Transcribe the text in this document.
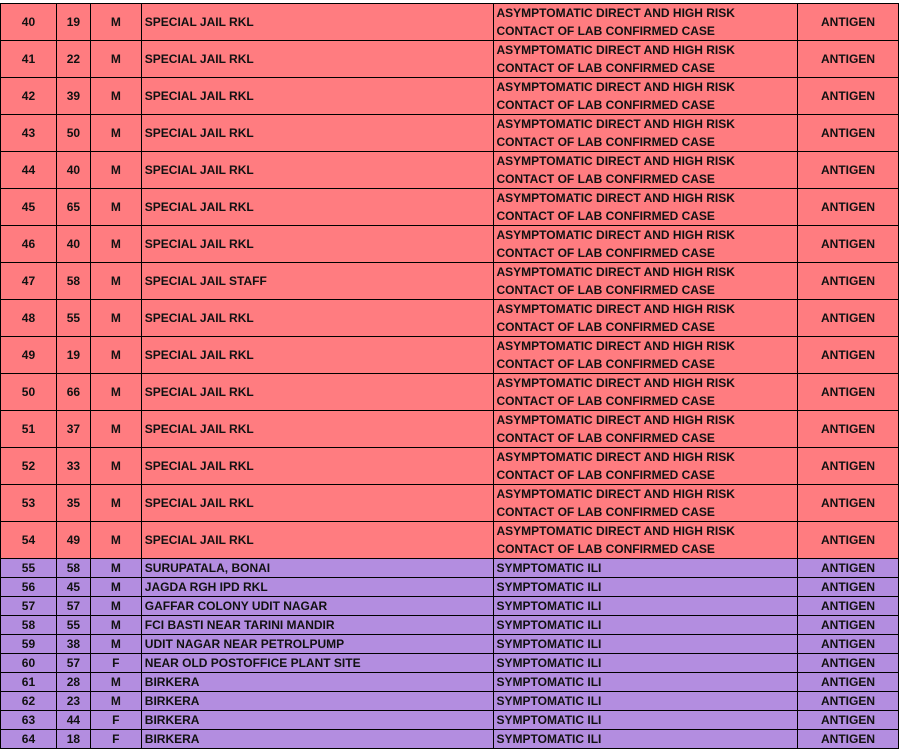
40	19	M	SPECIAL JAIL RKL	ASYMPTOMATIC DIRECT AND HIGH RISK CONTACT OF LAB CONFIRMED CASE	ANTIGEN
41	22	M	SPECIAL JAIL RKL	ASYMPTOMATIC DIRECT AND HIGH RISK CONTACT OF LAB CONFIRMED CASE	ANTIGEN
42	39	M	SPECIAL JAIL RKL	ASYMPTOMATIC DIRECT AND HIGH RISK CONTACT OF LAB CONFIRMED CASE	ANTIGEN
43	50	M	SPECIAL JAIL RKL	ASYMPTOMATIC DIRECT AND HIGH RISK CONTACT OF LAB CONFIRMED CASE	ANTIGEN
44	40	M	SPECIAL JAIL RKL	ASYMPTOMATIC DIRECT AND HIGH RISK CONTACT OF LAB CONFIRMED CASE	ANTIGEN
45	65	M	SPECIAL JAIL RKL	ASYMPTOMATIC DIRECT AND HIGH RISK CONTACT OF LAB CONFIRMED CASE	ANTIGEN
46	40	M	SPECIAL JAIL RKL	ASYMPTOMATIC DIRECT AND HIGH RISK CONTACT OF LAB CONFIRMED CASE	ANTIGEN
47	58	M	SPECIAL JAIL STAFF	ASYMPTOMATIC DIRECT AND HIGH RISK CONTACT OF LAB CONFIRMED CASE	ANTIGEN
48	55	M	SPECIAL JAIL RKL	ASYMPTOMATIC DIRECT AND HIGH RISK CONTACT OF LAB CONFIRMED CASE	ANTIGEN
49	19	M	SPECIAL JAIL RKL	ASYMPTOMATIC DIRECT AND HIGH RISK CONTACT OF LAB CONFIRMED CASE	ANTIGEN
50	66	M	SPECIAL JAIL RKL	ASYMPTOMATIC DIRECT AND HIGH RISK CONTACT OF LAB CONFIRMED CASE	ANTIGEN
51	37	M	SPECIAL JAIL RKL	ASYMPTOMATIC DIRECT AND HIGH RISK CONTACT OF LAB CONFIRMED CASE	ANTIGEN
52	33	M	SPECIAL JAIL RKL	ASYMPTOMATIC DIRECT AND HIGH RISK CONTACT OF LAB CONFIRMED CASE	ANTIGEN
53	35	M	SPECIAL JAIL RKL	ASYMPTOMATIC DIRECT AND HIGH RISK CONTACT OF LAB CONFIRMED CASE	ANTIGEN
54	49	M	SPECIAL JAIL RKL	ASYMPTOMATIC DIRECT AND HIGH RISK CONTACT OF LAB CONFIRMED CASE	ANTIGEN
55	58	M	SURUPATALA, BONAI	SYMPTOMATIC ILI	ANTIGEN
56	45	M	JAGDA RGH IPD RKL	SYMPTOMATIC ILI	ANTIGEN
57	57	M	GAFFAR COLONY UDIT NAGAR	SYMPTOMATIC ILI	ANTIGEN
58	55	M	FCI BASTI NEAR TARINI MANDIR	SYMPTOMATIC ILI	ANTIGEN
59	38	M	UDIT NAGAR NEAR PETROLPUMP	SYMPTOMATIC ILI	ANTIGEN
60	57	F	NEAR OLD POSTOFFICE PLANT SITE	SYMPTOMATIC ILI	ANTIGEN
61	28	M	BIRKERA	SYMPTOMATIC ILI	ANTIGEN
62	23	M	BIRKERA	SYMPTOMATIC ILI	ANTIGEN
63	44	F	BIRKERA	SYMPTOMATIC ILI	ANTIGEN
64	18	F	BIRKERA	SYMPTOMATIC ILI	ANTIGEN
